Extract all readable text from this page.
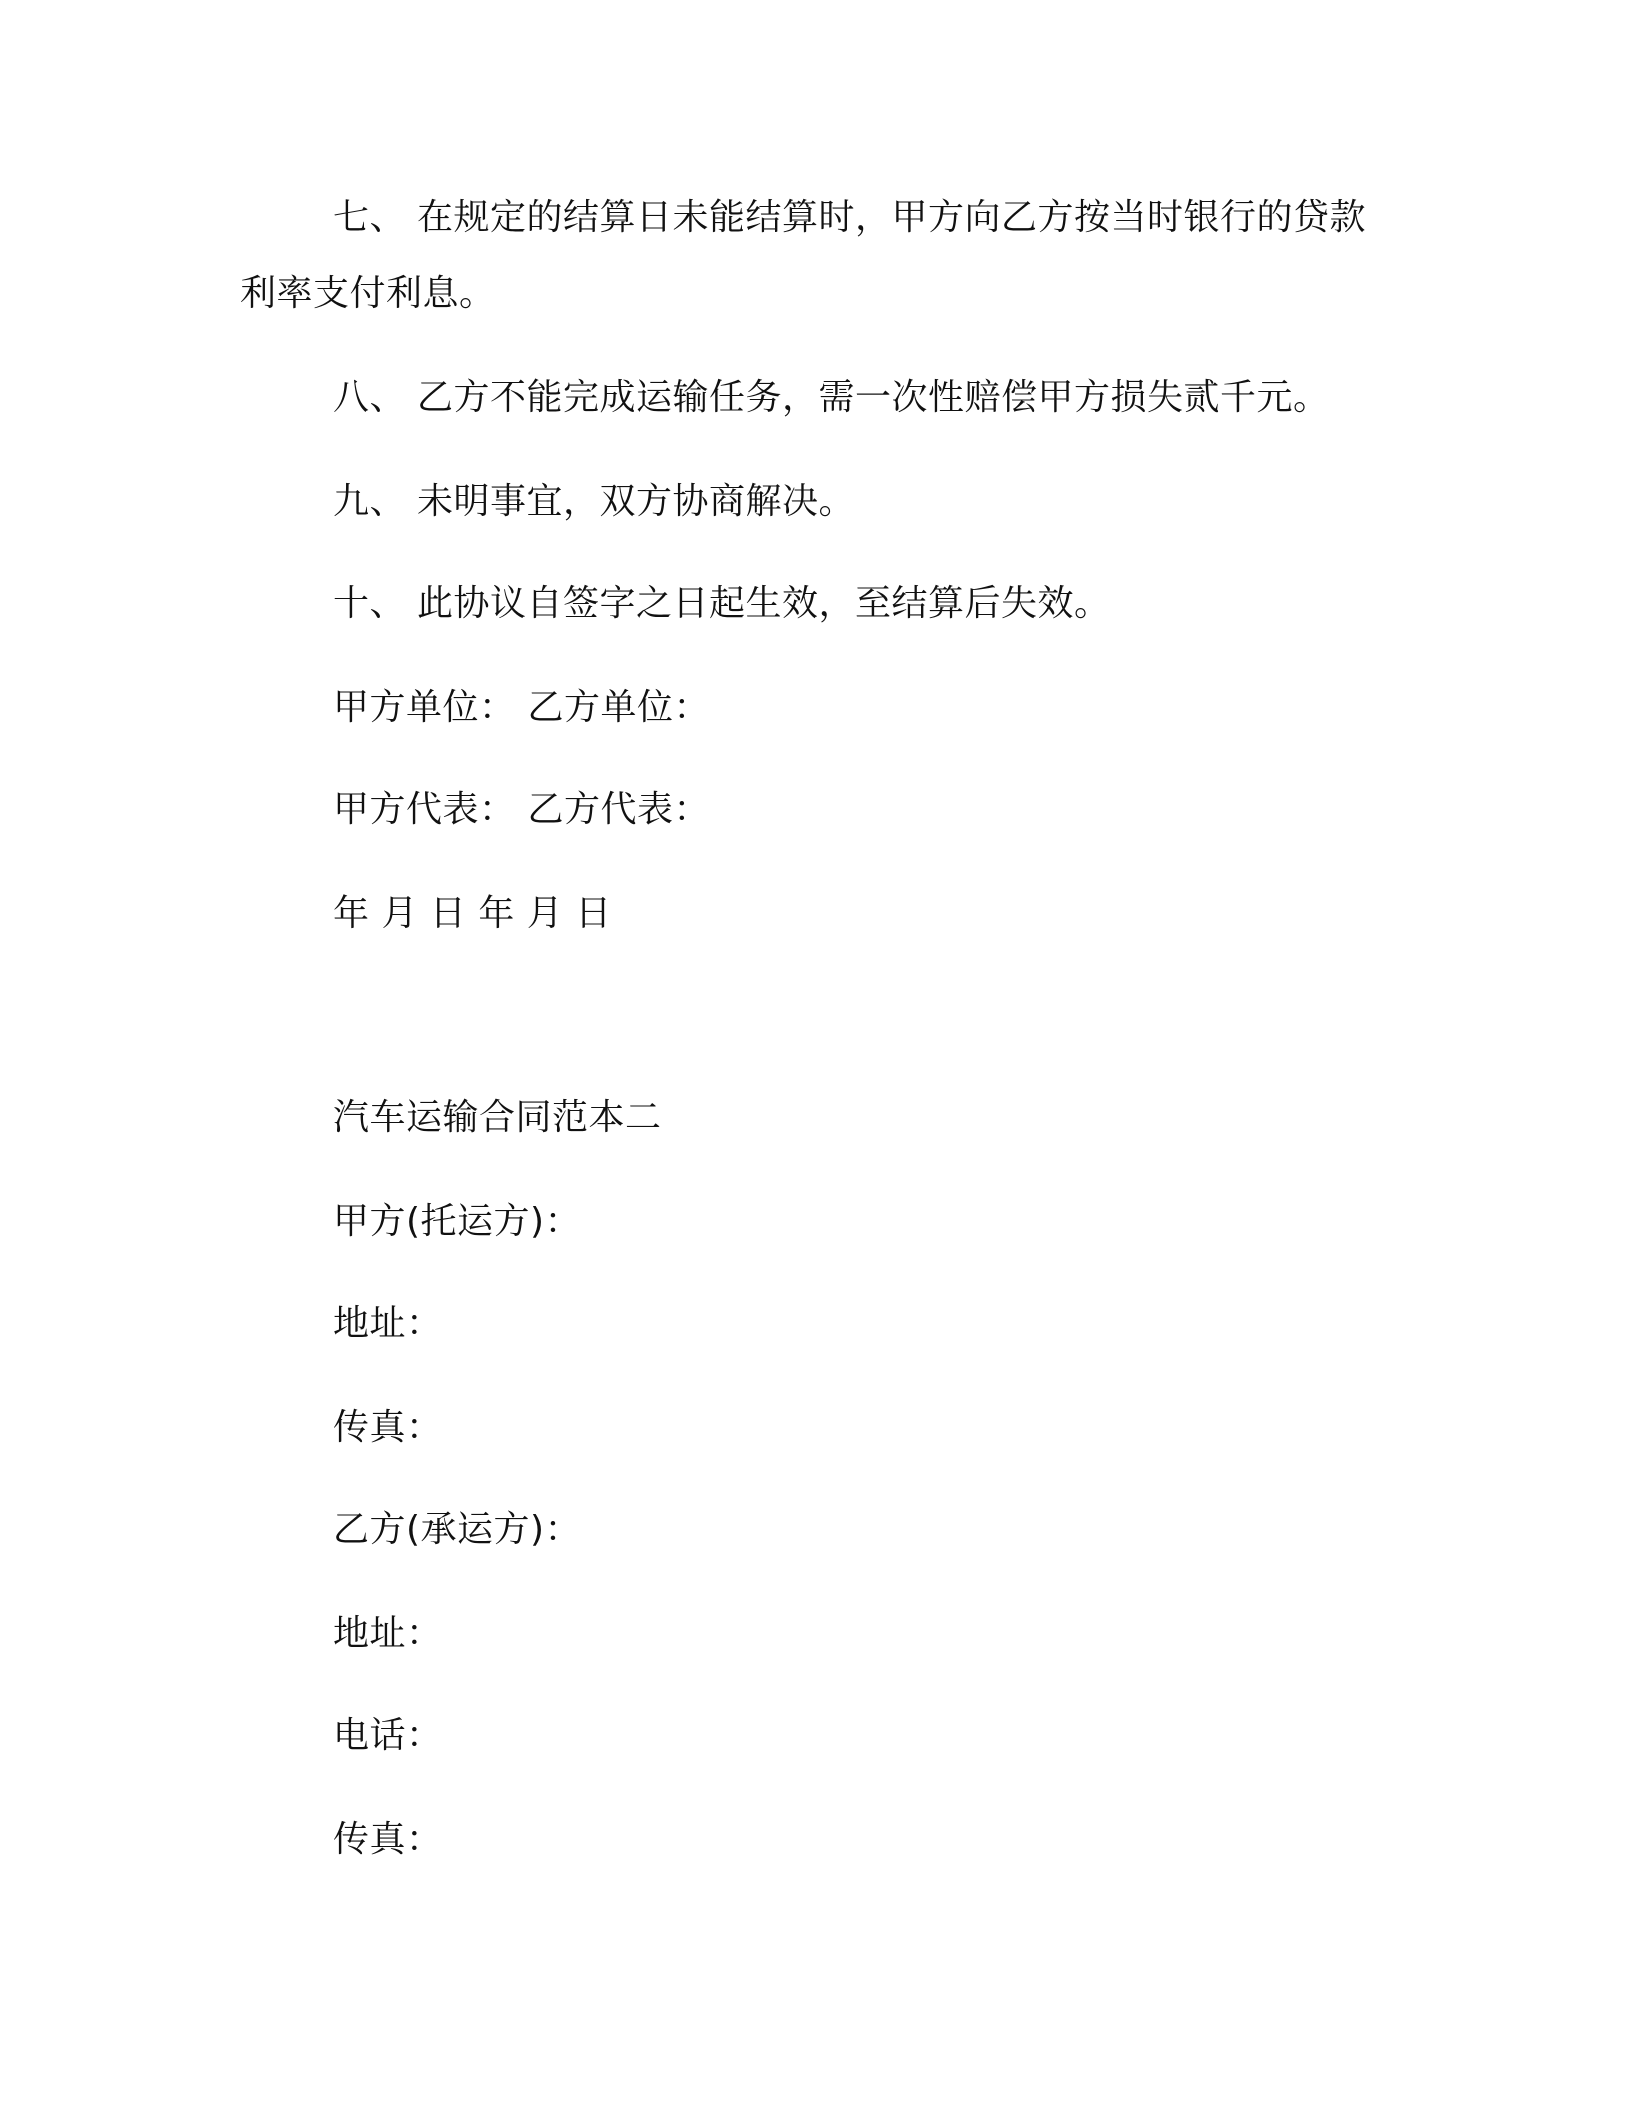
七、 在规定的结算日未能结算时，甲方向乙方按当时银行的贷款
利率支付利息。
八、 乙方不能完成运输任务，需一次性赔偿甲方损失贰千元。
九、 未明事宜，双方协商解决。
十、 此协议自签字之日起生效，至结算后失效。
甲方单位： 乙方单位：
甲方代表： 乙方代表：
年 月 日 年 月 日
汽车运输合同范本二
甲方(托运方)：
地址：
传真：
乙方(承运方)：
地址：
电话：
传真：
